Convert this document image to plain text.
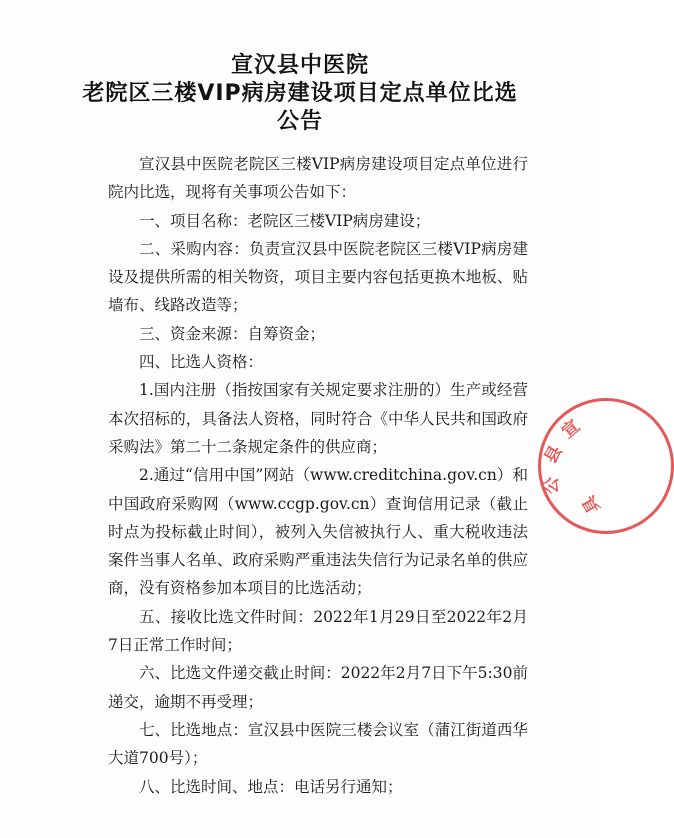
宣汉县中医院
老院区三楼VIP病房建设项目定点单位比选
公告

宣汉县中医院老院区三楼VIP病房建设项目定点单位进行院内比选，现将有关事项公告如下：

一、项目名称：老院区三楼VIP病房建设；

二、采购内容：负责宣汉县中医院老院区三楼VIP病房建设及提供所需的相关物资，项目主要内容包括更换木地板、贴墙布、线路改造等；

三、资金来源：自筹资金；

四、比选人资格：

1.国内注册（指按国家有关规定要求注册的）生产或经营本次招标的，具备法人资格，同时符合《中华人民共和国政府采购法》第二十二条规定条件的供应商；

2.通过“信用中国”网站（www.creditchina.gov.cn）和中国政府采购网（www.ccgp.gov.cn）查询信用记录（截止时点为投标截止时间），被列入失信被执行人、重大税收违法案件当事人名单、政府采购严重违法失信行为记录名单的供应商，没有资格参加本项目的比选活动；

五、接收比选文件时间：2022年1月29日至2022年2月7日正常工作时间；

六、比选文件递交截止时间：2022年2月7日下午5:30前递交，逾期不再受理；

七、比选地点：宣汉县中医院三楼会议室（蒲江街道西华大道700号）；

八、比选时间、地点：电话另行通知；

宣
县
公
具
